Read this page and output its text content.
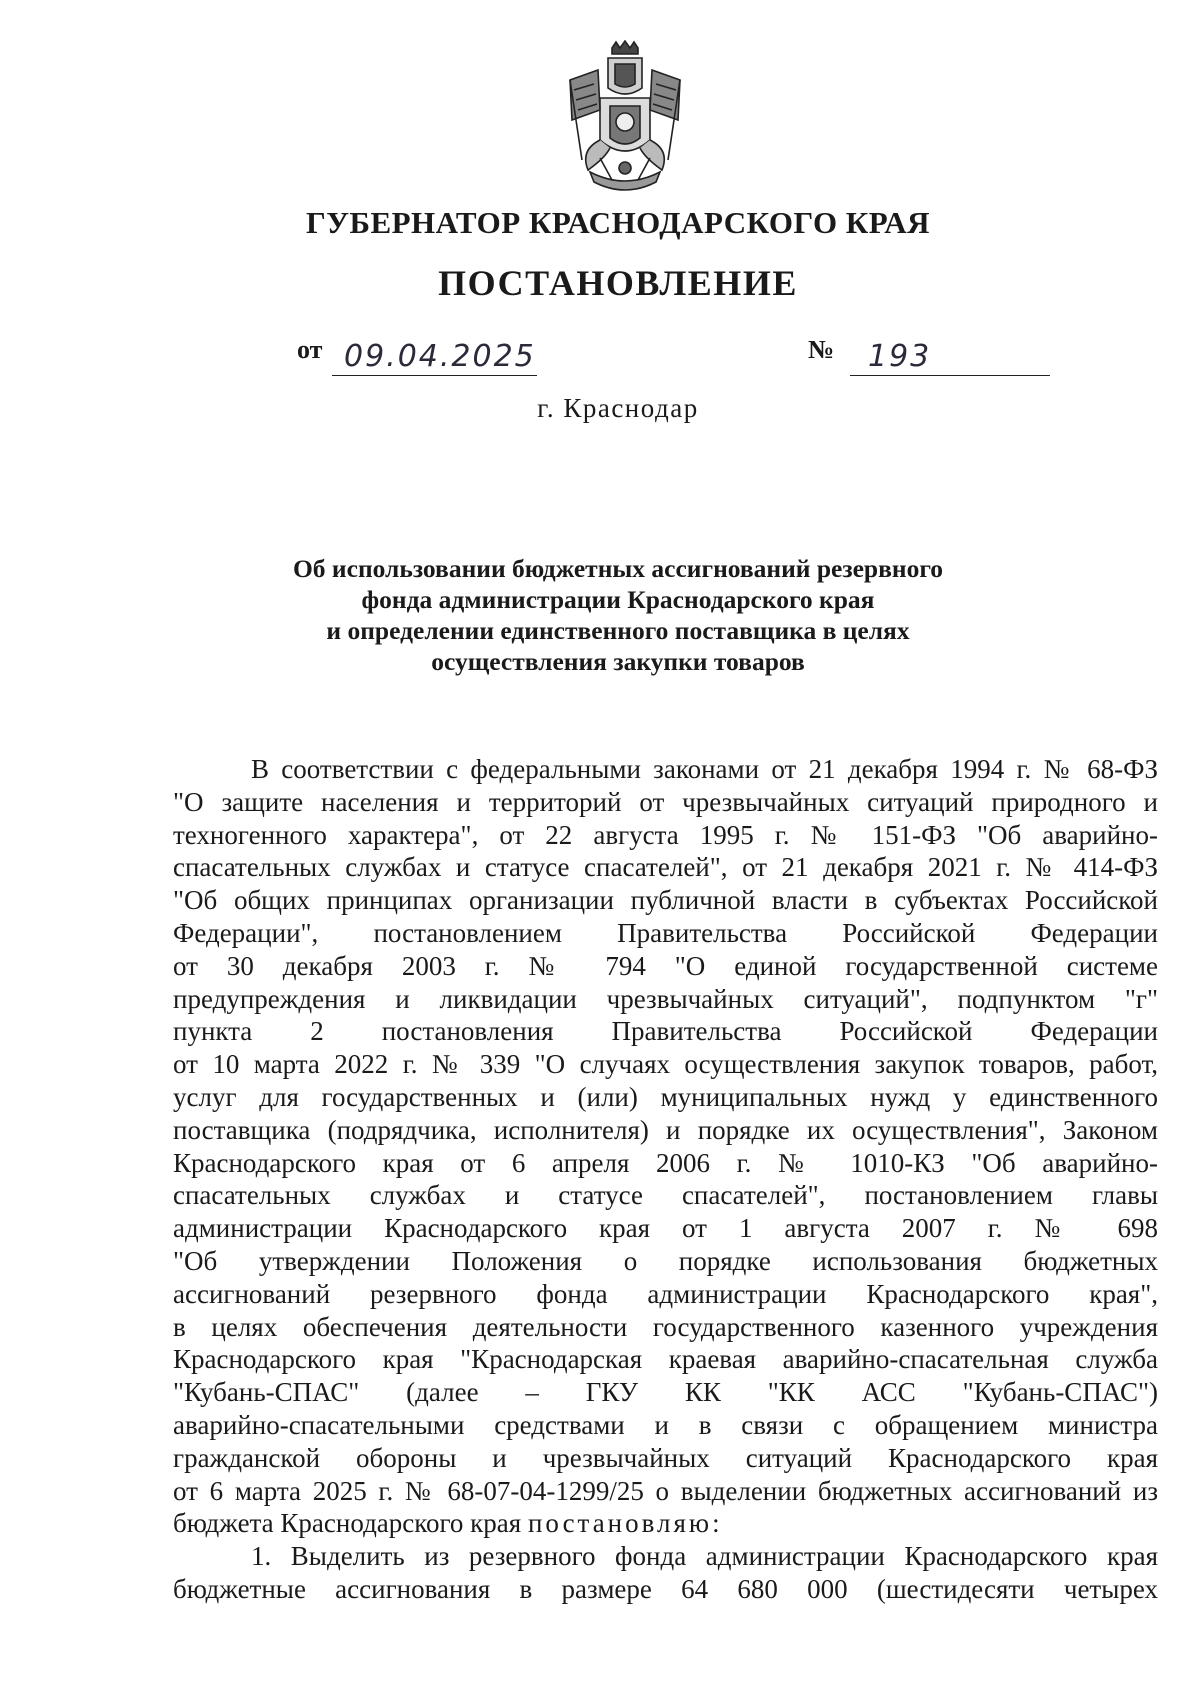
ГУБЕРНАТОР КРАСНОДАРСКОГО КРАЯ
ПОСТАНОВЛЕНИЕ
от 09.04.2025	№ 193
г. Краснодар
Об использовании бюджетных ассигнований резервного
фонда администрации Краснодарского края
и определении единственного поставщика в целях
осуществления закупки товаров
В соответствии с федеральными законами от 21 декабря 1994 г. № 68-ФЗ
"О защите населения и территорий от чрезвычайных ситуаций природного и
техногенного характера", от 22 августа 1995 г. № 151-ФЗ "Об аварийно-
спасательных службах и статусе спасателей", от 21 декабря 2021 г. № 414-ФЗ
"Об общих принципах организации публичной власти в субъектах Российской
Федерации", постановлением Правительства Российской Федерации
от 30 декабря 2003 г. № 794 "О единой государственной системе
предупреждения и ликвидации чрезвычайных ситуаций", подпунктом "г"
пункта 2 постановления Правительства Российской Федерации
от 10 марта 2022 г. № 339 "О случаях осуществления закупок товаров, работ,
услуг для государственных и (или) муниципальных нужд у единственного
поставщика (подрядчика, исполнителя) и порядке их осуществления", Законом
Краснодарского края от 6 апреля 2006 г. № 1010-КЗ "Об аварийно-
спасательных службах и статусе спасателей", постановлением главы
администрации Краснодарского края от 1 августа 2007 г. № 698
"Об утверждении Положения о порядке использования бюджетных
ассигнований резервного фонда администрации Краснодарского края",
в целях обеспечения деятельности государственного казенного учреждения
Краснодарского края "Краснодарская краевая аварийно-спасательная служба
"Кубань-СПАС" (далее – ГКУ КК "КК АСС "Кубань-СПАС")
аварийно-спасательными средствами и в связи с обращением министра
гражданской обороны и чрезвычайных ситуаций Краснодарского края
от 6 марта 2025 г. № 68-07-04-1299/25 о выделении бюджетных ассигнований из
бюджета Краснодарского края постановляю:
1. Выделить из резервного фонда администрации Краснодарского края
бюджетные ассигнования в размере 64 680 000 (шестидесяти четырех
